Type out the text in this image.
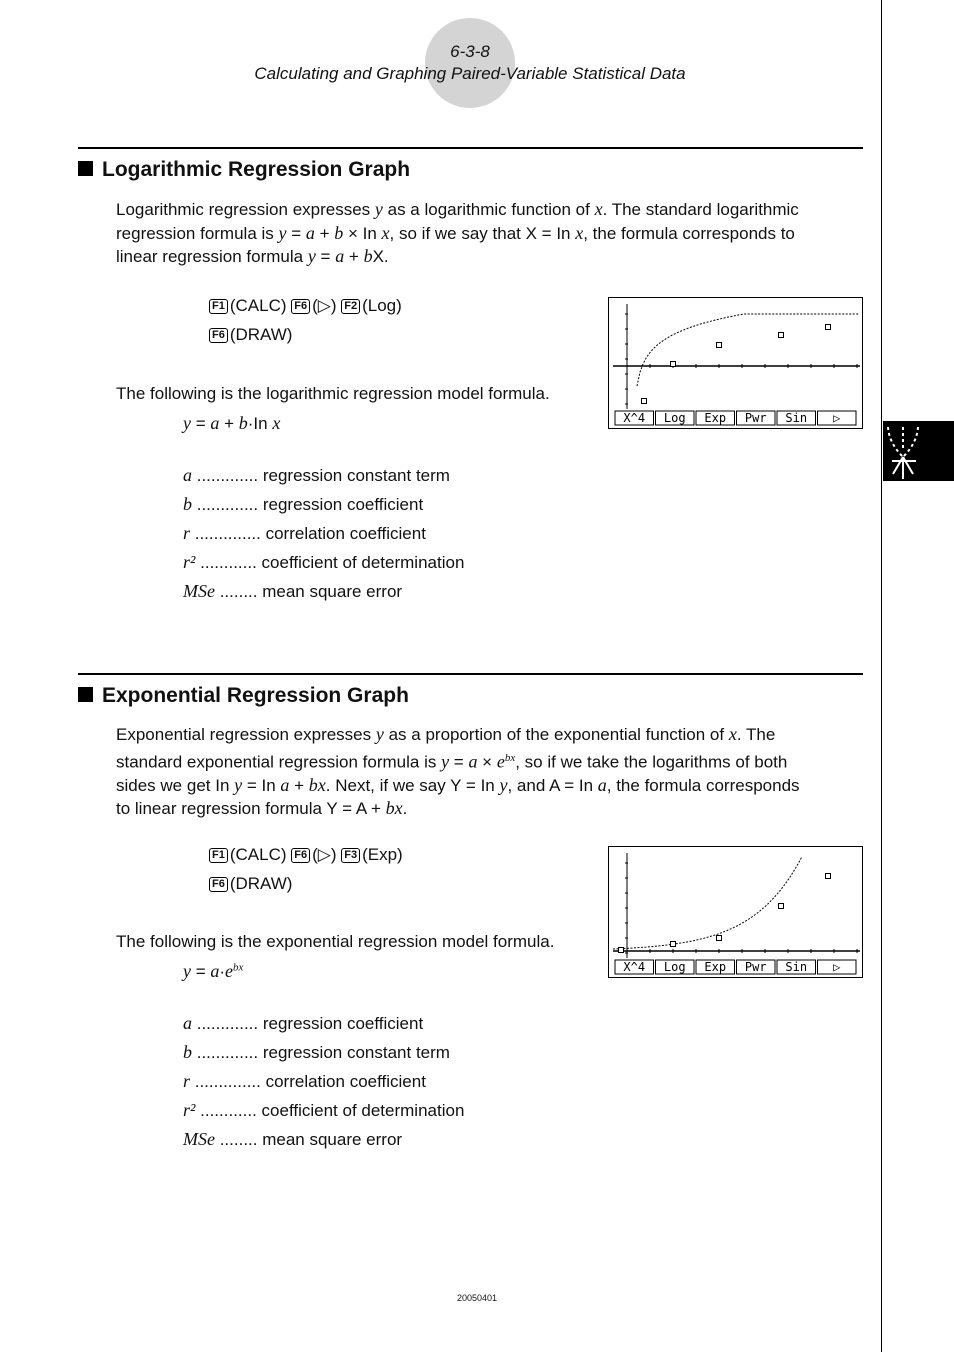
6-3-8
Calculating and Graphing Paired-Variable Statistical Data
Logarithmic Regression Graph

Logarithmic regression expresses y as a logarithmic function of x. The standard logarithmic

regression formula is y = a + b × In x, so if we say that X = In x, the formula corresponds to

linear regression formula y = a + bX.

F1 (CALC) F6 (▷) F2 (Log)
F6 (DRAW)
The following is the logarithmic regression model formula.
y = a + b·In x
a ............. regression constant term
b ............. regression coefficient
r .............. correlation coefficient
r² ............ coefficient of determination
MSe ........ mean square error
X^4 Log Exp Pwr Sin ▷
Exponential Regression Graph

Exponential regression expresses y as a proportion of the exponential function of x. The

standard exponential regression formula is $y = a \times e^{bx}$, so if we take the logarithms of both

sides we get In y = In a + bx. Next, if we say Y = In y, and A = In a, the formula corresponds

to linear regression formula Y = A + bx.

F1 (CALC) F6 (▷) F3 (Exp)
F6 (DRAW)
The following is the exponential regression model formula.
$y = a\cdot e^{bx}$
a ............. regression coefficient
b ............. regression constant term
r .............. correlation coefficient
r² ............ coefficient of determination
MSe ........ mean square error
X^4 Log Exp Pwr Sin ▷
20050401
